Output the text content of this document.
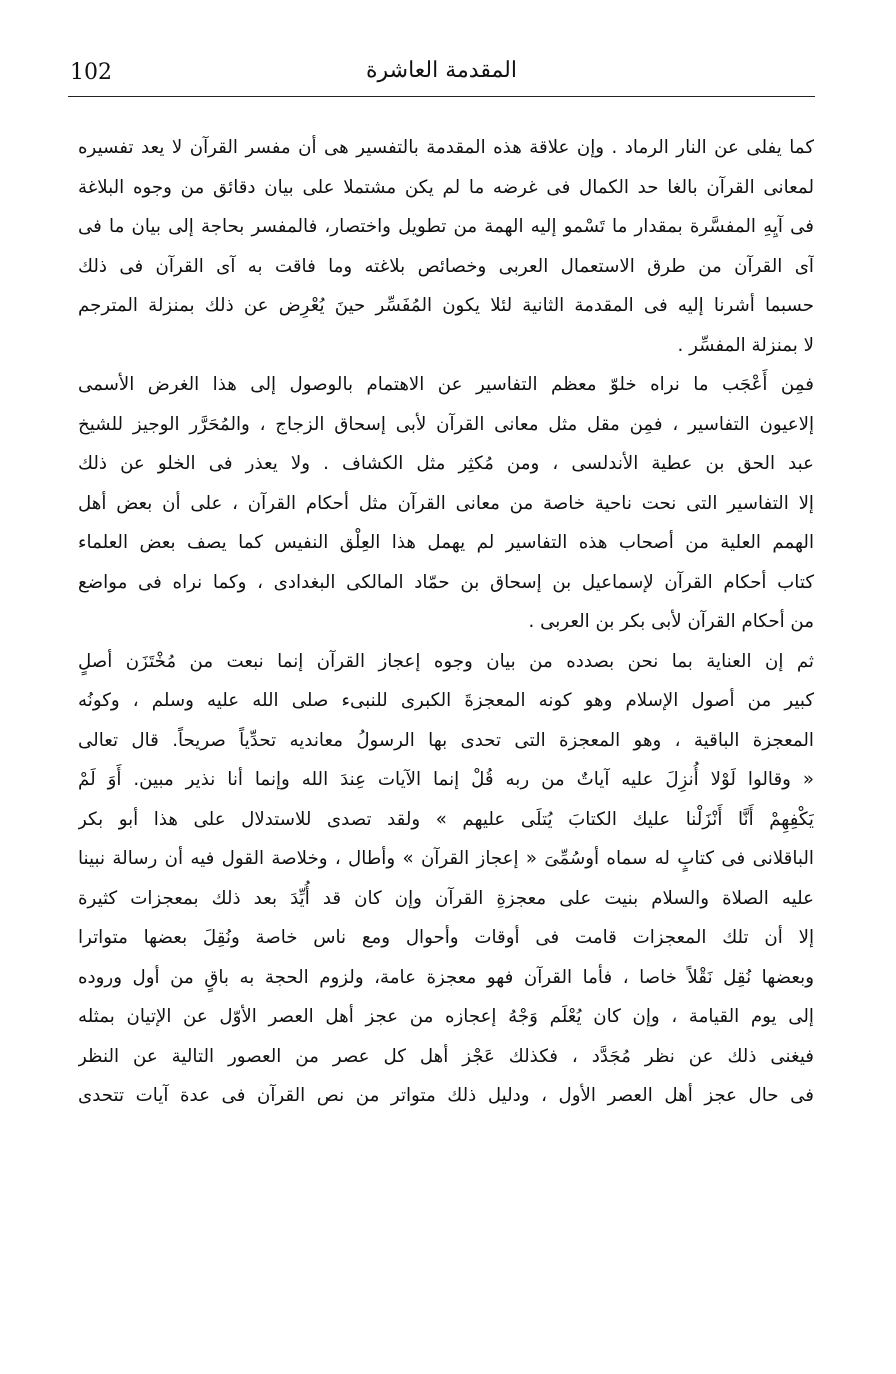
102	المقدمة العاشرة
كما يفلى عن النار الرماد . وإن علاقة هذه المقدمة بالتفسير هى أن مفسر القرآن لا يعد تفسيره
لمعانى القرآن بالغا حد الكمال فى غرضه ما لم يكن مشتملا على بيان دقائق من وجوه البلاغة
فى آيِهِ المفسَّرة بمقدار ما تَسْمو إليه الهمة من تطويل واختصار، فالمفسر بحاجة إلى بيان ما فى
آى القرآن من طرق الاستعمال العربى وخصائص بلاغته وما فاقت به آى القرآن فى ذلك
حسبما أشرنا إليه فى المقدمة الثانية لئلا يكون المُفَسِّر حينَ يُعْرِض عن ذلك بمنزلة المترجم
لا بمنزلة المفسِّر .
فمِن أَعْجَب ما نراه خلوّ معظم التفاسير عن الاهتمام بالوصول إلى هذا الغرض الأسمى
إلاعيون التفاسير ، فمِن مقل مثل معانى القرآن لأبى إسحاق الزجاج ، والمُحَرَّر الوجيز للشيخ
عبد الحق بن عطية الأندلسى ، ومن مُكثِر مثل الكشاف . ولا يعذر فى الخلو عن ذلك
إلا التفاسير التى نحت ناحية خاصة من معانى القرآن مثل أحكام القرآن ، على أن بعض أهل
الهمم العلية من أصحاب هذه التفاسير لم يهمل هذا العِلْق النفيس كما يصف بعض العلماء
كتاب أحكام القرآن لإسماعيل بن إسحاق بن حمّاد المالكى البغدادى ، وكما نراه فى مواضع
من أحكام القرآن لأبى بكر بن العربى .
ثم إن العناية بما نحن بصدده من بيان وجوه إعجاز القرآن إنما نبعت من مُخْتَزَن أصلٍ
كبير من أصول الإسلام وهو كونه المعجزةَ الكبرى للنبىء صلى الله عليه وسلم ، وكونُه
المعجزة الباقية ، وهو المعجزة التى تحدى بها الرسولُ معانديه تحدِّياً صريحاً. قال تعالى
« وقالوا لَوْلا أُنزِلَ عليه آياتٌ من ربه قُلْ إنما الآيات عِندَ الله وإنما أنا نذير مبين. أَوَ لَمْ
يَكْفِهِمْ أَنَّا أَنْزَلْنا عليك الكتابَ يُتلَى عليهم » ولقد تصدى للاستدلال على هذا أبو بكر
الباقلانى فى كتابٍ له سماه أوسُمِّىَ « إعجاز القرآن » وأطال ، وخلاصة القول فيه أن رسالة نبينا
عليه الصلاة والسلام بنيت على معجزةِ القرآن وإن كان قد أُيِّدَ بعد ذلك بمعجزات كثيرة
إلا أن تلك المعجزات قامت فى أوقات وأحوال ومع ناس خاصة ونُقِلَ بعضها متواترا
وبعضها نُقِل نَقْلاً خاصا ، فأما القرآن فهو معجزة عامة، ولزوم الحجة به باقٍ من أول وروده
إلى يوم القيامة ، وإن كان يُعْلَم وَجْهُ إعجازه من عجز أهل العصر الأوّل عن الإتيان بمثله
فيغنى ذلك عن نظر مُجَدَّد ، فكذلك عَجْز أهل كل عصر من العصور التالية عن النظر
فى حال عجز أهل العصر الأول ، ودليل ذلك متواتر من نص القرآن فى عدة آيات تتحدى
